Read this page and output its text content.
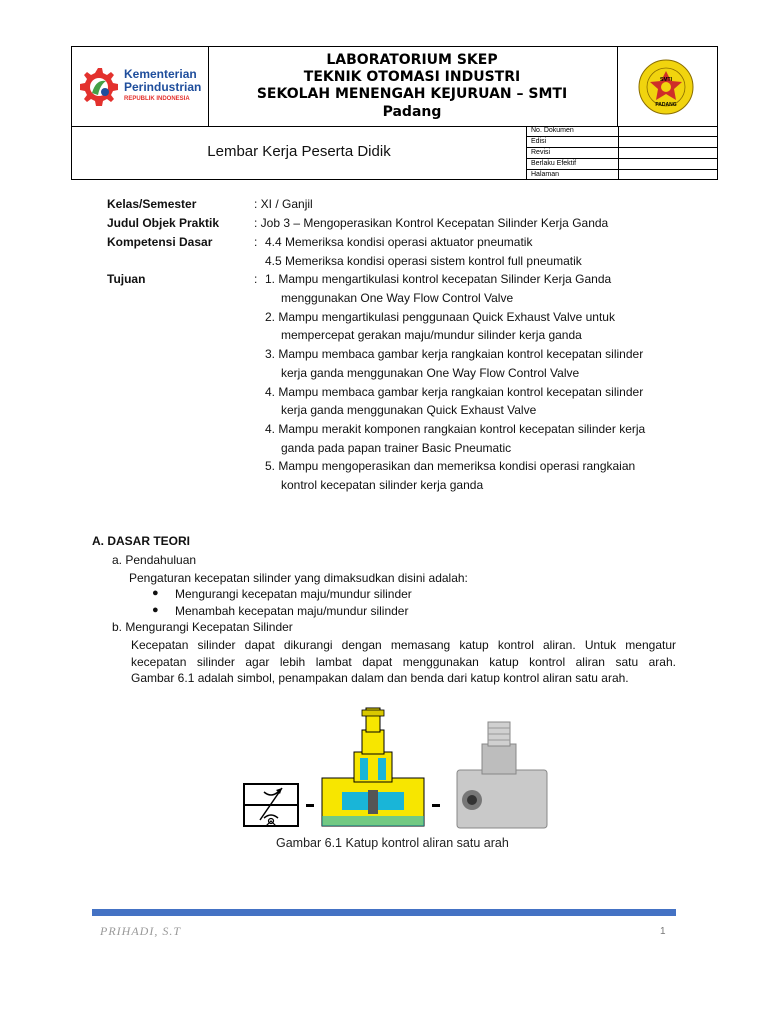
Kementerian
Perindustrian
REPUBLIK INDONESIA
LABORATORIUM SKEP
TEKNIK OTOMASI INDUSTRI
SEKOLAH MENENGAH KEJURUAN – SMTI
Padang
SMTI
PADANG
Lembar Kerja Peserta Didik
No. Dokumen
Edisi
Revisi
Berlaku Efektif
Halaman
Kelas/Semester	: XI / Ganjil
Judul Objek Praktik	: Job 3 – Mengoperasikan Kontrol Kecepatan Silinder Kerja Ganda
Kompetensi Dasar	: 4.4 Memeriksa kondisi operasi aktuator pneumatik
4.5 Memeriksa kondisi operasi sistem kontrol full pneumatik
Tujuan	: 1. Mampu mengartikulasi kontrol kecepatan Silinder Kerja Ganda
menggunakan One Way Flow Control Valve
2. Mampu mengartikulasi penggunaan Quick Exhaust Valve untuk
mempercepat gerakan maju/mundur silinder kerja ganda
3. Mampu membaca gambar kerja rangkaian kontrol kecepatan silinder
kerja ganda menggunakan One Way Flow Control Valve
4. Mampu membaca gambar kerja rangkaian kontrol kecepatan silinder
kerja ganda menggunakan Quick Exhaust Valve
4. Mampu merakit komponen rangkaian kontrol kecepatan silinder kerja
ganda pada papan trainer Basic Pneumatic
5. Mampu mengoperasikan dan memeriksa kondisi operasi rangkaian
kontrol kecepatan silinder kerja ganda
A. DASAR TEORI
a. Pendahuluan
Pengaturan kecepatan silinder yang dimaksudkan disini adalah:
● Mengurangi kecepatan maju/mundur silinder
● Menambah kecepatan maju/mundur silinder
b. Mengurangi Kecepatan Silinder
Kecepatan silinder dapat dikurangi dengan memasang katup kontrol aliran. Untuk mengatur
kecepatan silinder agar lebih lambat dapat menggunakan katup kontrol aliran satu arah.
Gambar 6.1 adalah simbol, penampakan dalam dan benda dari katup kontrol aliran satu arah.
Gambar 6.1 Katup kontrol aliran satu arah
PRIHADI, S.T	1
